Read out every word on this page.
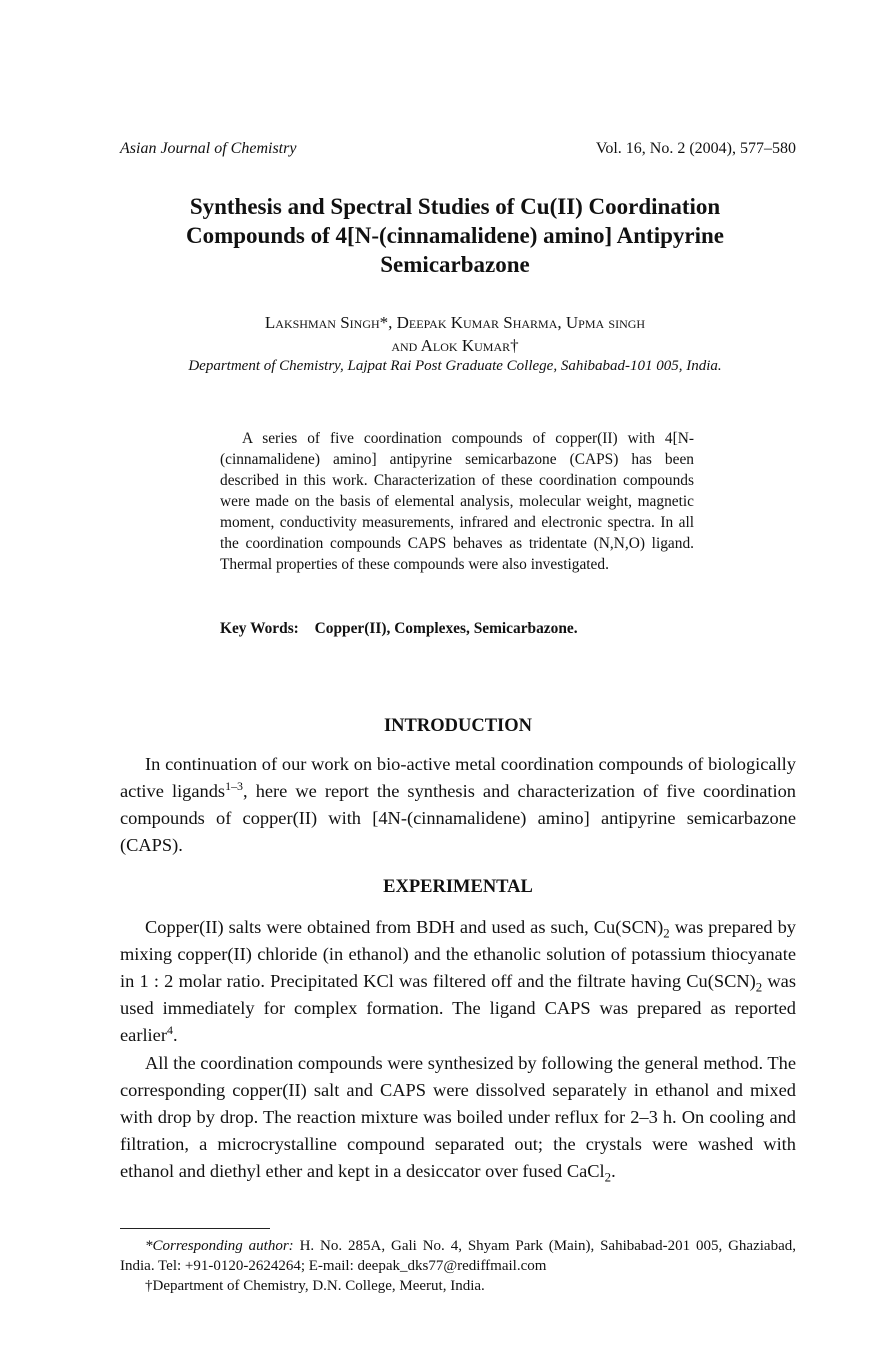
Asian Journal of Chemistry	Vol. 16, No. 2 (2004), 577–580
Synthesis and Spectral Studies of Cu(II) Coordination
Compounds of 4[N-(cinnamalidene) amino] Antipyrine
Semicarbazone
Lakshman Singh*, Deepak Kumar Sharma, Upma singh
and Alok Kumar†
Department of Chemistry, Lajpat Rai Post Graduate College, Sahibabad-101 005, India.
A series of five coordination compounds of copper(II) with 4[N-(cinnamalidene) amino] antipyrine semicarbazone (CAPS) has been described in this work. Characterization of these coordination compounds were made on the basis of elemental analysis, molecular weight, magnetic moment, conductivity measurements, infrared and electronic spectra. In all the coordination compounds CAPS behaves as tridentate (N,N,O) ligand. Thermal properties of these compounds were also investigated.
Key Words: Copper(II), Complexes, Semicarbazone.
INTRODUCTION
In continuation of our work on bio-active metal coordination compounds of biologically active ligands$^{1-3}$, here we report the synthesis and characterization of five coordination compounds of copper(II) with [4N-(cinnamalidene) amino] antipyrine semicarbazone (CAPS).
EXPERIMENTAL
Copper(II) salts were obtained from BDH and used as such, $Cu(SCN)_2$ was prepared by mixing copper(II) chloride (in ethanol) and the ethanolic solution of potassium thiocyanate in 1 : 2 molar ratio. Precipitated KCl was filtered off and the filtrate having $Cu(SCN)_2$ was used immediately for complex formation. The ligand CAPS was prepared as reported earlier$^4$.
All the coordination compounds were synthesized by following the general method. The corresponding copper(II) salt and CAPS were dissolved separately in ethanol and mixed with drop by drop. The reaction mixture was boiled under reflux for 2–3 h. On cooling and filtration, a microcrystalline compound separated out; the crystals were washed with ethanol and diethyl ether and kept in a desiccator over fused CaCl$_2$.
*Corresponding author: H. No. 285A, Gali No. 4, Shyam Park (Main), Sahibabad-201 005, Ghaziabad, India. Tel: +91-0120-2624264; E-mail: deepak_dks77@rediffmail.com
†Department of Chemistry, D.N. College, Meerut, India.
